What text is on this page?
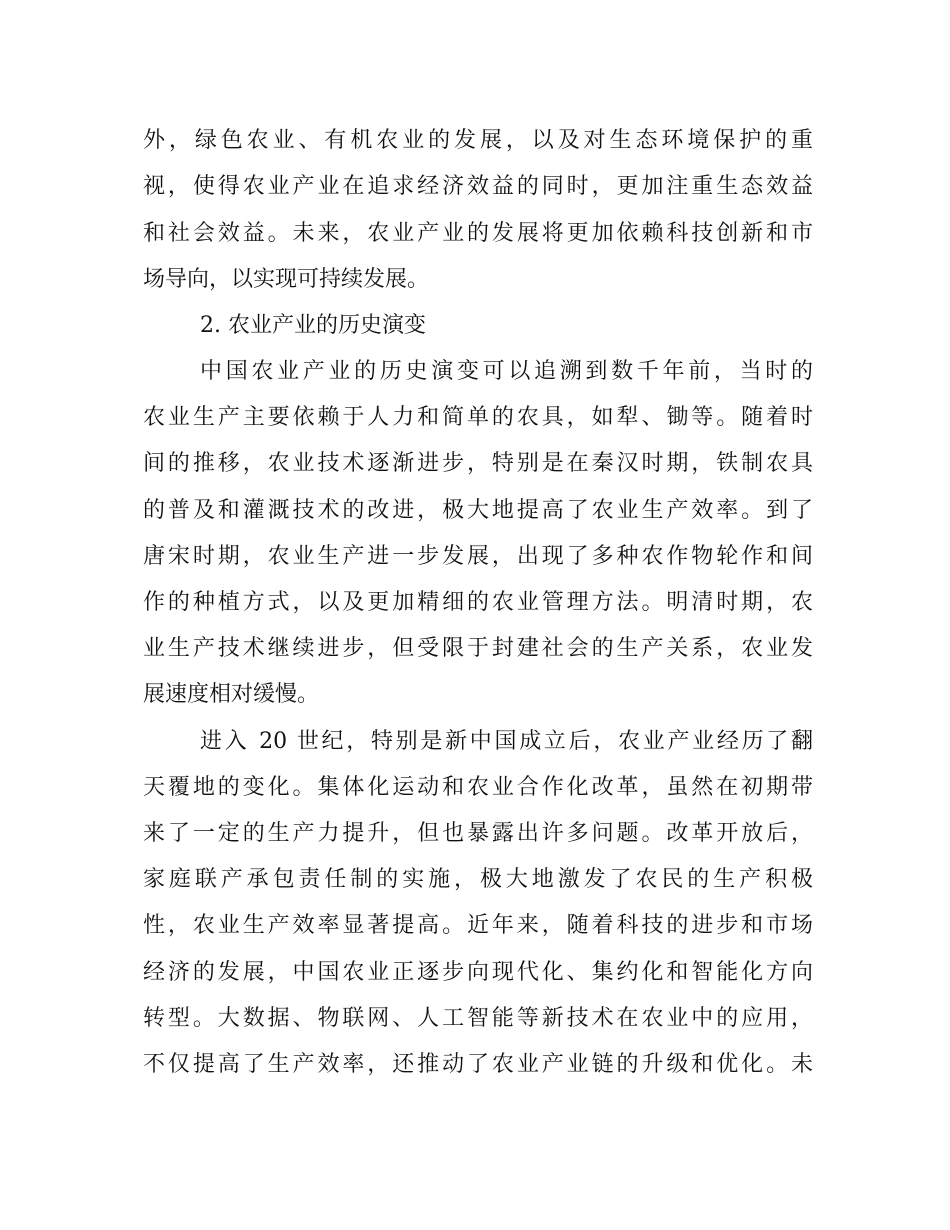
外，绿色农业、有机农业的发展，以及对生态环境保护的重
视，使得农业产业在追求经济效益的同时，更加注重生态效益
和社会效益。未来，农业产业的发展将更加依赖科技创新和市
场导向，以实现可持续发展。
2. 农业产业的历史演变
中国农业产业的历史演变可以追溯到数千年前，当时的
农业生产主要依赖于人力和简单的农具，如犁、锄等。随着时
间的推移，农业技术逐渐进步，特别是在秦汉时期，铁制农具
的普及和灌溉技术的改进，极大地提高了农业生产效率。到了
唐宋时期，农业生产进一步发展，出现了多种农作物轮作和间
作的种植方式，以及更加精细的农业管理方法。明清时期，农
业生产技术继续进步，但受限于封建社会的生产关系，农业发
展速度相对缓慢。
进入 20 世纪，特别是新中国成立后，农业产业经历了翻
天覆地的变化。集体化运动和农业合作化改革，虽然在初期带
来了一定的生产力提升，但也暴露出许多问题。改革开放后，
家庭联产承包责任制的实施，极大地激发了农民的生产积极
性，农业生产效率显著提高。近年来，随着科技的进步和市场
经济的发展，中国农业正逐步向现代化、集约化和智能化方向
转型。大数据、物联网、人工智能等新技术在农业中的应用，
不仅提高了生产效率，还推动了农业产业链的升级和优化。未
